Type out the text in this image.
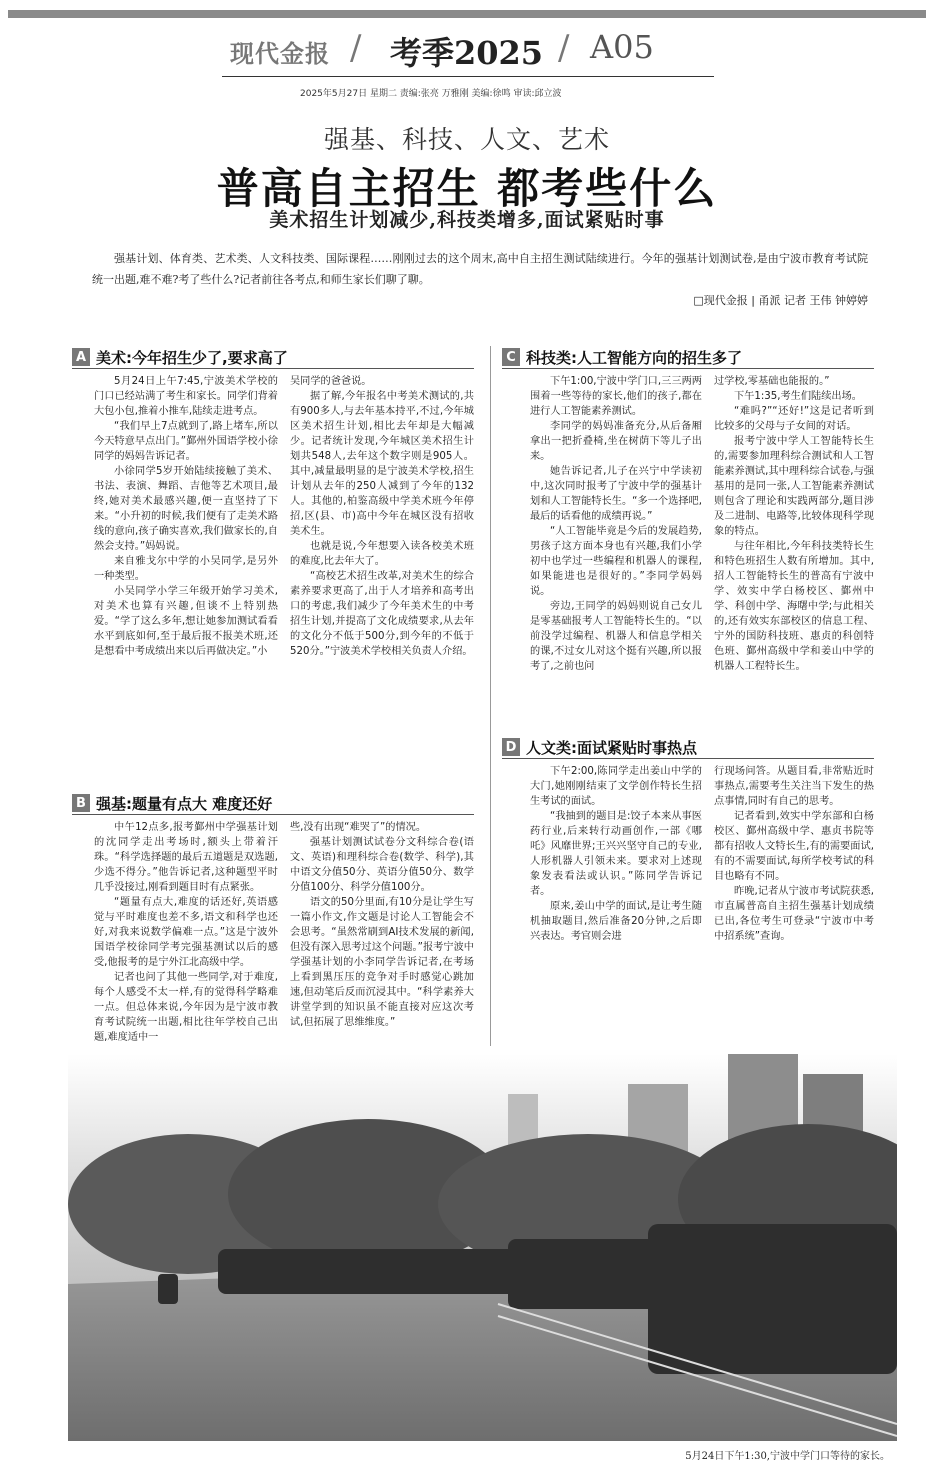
现代金报 / 考季2025 / A05
2025年5月27日 星期二 责编:张亮 万雅刚 美编:徐鸣 审读:邱立波
强基、科技、人文、艺术
普高自主招生 都考些什么
美术招生计划减少,科技类增多,面试紧贴时事
强基计划、体育类、艺术类、人文科技类、国际课程……刚刚过去的这个周末,高中自主招生测试陆续进行。今年的强基计划测试卷,是由宁波市教育考试院统一出题,难不难?考了些什么?记者前往各考点,和师生家长们聊了聊。
□现代金报 | 甬派 记者 王伟 钟婷婷
A 美术:今年招生少了,要求高了

5月24日上午7:45,宁波美术学校的门口已经站满了考生和家长。同学们背着大包小包,推着小推车,陆续走进考点。

“我们早上7点就到了,路上堵车,所以今天特意早点出门。”鄞州外国语学校小徐同学的妈妈告诉记者。

小徐同学5岁开始陆续接触了美术、书法、表演、舞蹈、吉他等艺术项目,最终,她对美术最感兴趣,便一直坚持了下来。“小升初的时候,我们便有了走美术路线的意向,孩子确实喜欢,我们做家长的,自然会支持。”妈妈说。

来自雅戈尔中学的小吴同学,是另外一种类型。

小吴同学小学三年级开始学习美术,对美术也算有兴趣,但谈不上特别热爱。“学了这么多年,想让她参加测试看看水平到底如何,至于最后报不报美术班,还是想看中考成绩出来以后再做决定。”小

吴同学的爸爸说。

据了解,今年报名中考美术测试的,共有900多人,与去年基本持平,不过,今年城区美术招生计划,相比去年却是大幅减少。记者统计发现,今年城区美术招生计划共548人,去年这个数字则是905人。其中,减量最明显的是宁波美术学校,招生计划从去年的250人减到了今年的132人。其他的,柏鉴高级中学美术班今年停招,区(县、市)高中今年在城区没有招收美术生。

也就是说,今年想要入读各校美术班的难度,比去年大了。

“高校艺术招生改革,对美术生的综合素养要求更高了,出于人才培养和高考出口的考虑,我们减少了今年美术生的中考招生计划,并提高了文化成绩要求,从去年的文化分不低于500分,到今年的不低于520分。”宁波美术学校相关负责人介绍。

B 强基:题量有点大 难度还好

中午12点多,报考鄞州中学强基计划的沈同学走出考场时,额头上带着汗珠。“科学选择题的最后五道题是双选题,少选不得分。”他告诉记者,这种题型平时几乎没接过,刚看到题目时有点紧张。

“题量有点大,难度的话还好,英语感觉与平时难度也差不多,语文和科学也还好,对我来说数学偏难一点。”这是宁波外国语学校徐同学考完强基测试以后的感受,他报考的是宁外江北高级中学。

记者也问了其他一些同学,对于难度,每个人感受不太一样,有的觉得科学略难一点。但总体来说,今年因为是宁波市教育考试院统一出题,相比往年学校自己出题,难度适中一

些,没有出现“难哭了”的情况。

强基计划测试试卷分文科综合卷(语文、英语)和理科综合卷(数学、科学),其中语文分值50分、英语分值50分、数学分值100分、科学分值100分。

语文的50分里面,有10分是让学生写一篇小作文,作文题是讨论人工智能会不会思考。“虽然常刷到AI技术发展的新闻,但没有深入思考过这个问题。”报考宁波中学强基计划的小李同学告诉记者,在考场上看到黑压压的竞争对手时感觉心跳加速,但动笔后反而沉浸其中。“科学素养大讲堂学到的知识虽不能直接对应这次考试,但拓展了思维维度。”

C 科技类:人工智能方向的招生多了

下午1:00,宁波中学门口,三三两两围着一些等待的家长,他们的孩子,都在进行人工智能素养测试。

李同学的妈妈准备充分,从后备厢拿出一把折叠椅,坐在树荫下等儿子出来。

她告诉记者,儿子在兴宁中学读初中,这次同时报考了宁波中学的强基计划和人工智能特长生。“多一个选择吧,最后的话看他的成绩再说。”

“人工智能毕竟是今后的发展趋势,男孩子这方面本身也有兴趣,我们小学初中也学过一些编程和机器人的课程,如果能进也是很好的。”李同学妈妈说。

旁边,王同学的妈妈则说自己女儿是零基础报考人工智能特长生的。“以前没学过编程、机器人和信息学相关的课,不过女儿对这个挺有兴趣,所以报考了,之前也问

过学校,零基础也能报的。”

下午1:35,考生们陆续出场。

“难吗?”“还好!”这是记者听到比较多的父母与子女间的对话。

报考宁波中学人工智能特长生的,需要参加理科综合测试和人工智能素养测试,其中理科综合试卷,与强基用的是同一张,人工智能素养测试则包含了理论和实践两部分,题目涉及二进制、电路等,比较体现科学现象的特点。

与往年相比,今年科技类特长生和特色班招生人数有所增加。其中,招人工智能特长生的普高有宁波中学、效实中学白杨校区、鄞州中学、科创中学、海曙中学;与此相关的,还有效实东部校区的信息工程、宁外的国防科技班、惠贞的科创特色班、鄞州高级中学和姜山中学的机器人工程特长生。

D 人文类:面试紧贴时事热点

下午2:00,陈同学走出姜山中学的大门,她刚刚结束了文学创作特长生招生考试的面试。

“我抽到的题目是:饺子本来从事医药行业,后来转行动画创作,一部《哪吒》风靡世界;王兴兴坚守自己的专业,人形机器人引领未来。要求对上述现象发表看法或认识。”陈同学告诉记者。

原来,姜山中学的面试,是让考生随机抽取题目,然后准备20分钟,之后即兴表达。考官则会进

行现场问答。从题目看,非常贴近时事热点,需要考生关注当下发生的热点事情,同时有自己的思考。

记者看到,效实中学东部和白杨校区、鄞州高级中学、惠贞书院等都有招收人文特长生,有的需要面试,有的不需要面试,每所学校考试的科目也略有不同。

昨晚,记者从宁波市考试院获悉,市直属普高自主招生强基计划成绩已出,各位考生可登录“宁波市中考中招系统”查询。

5月24日下午1:30,宁波中学门口等待的家长。
